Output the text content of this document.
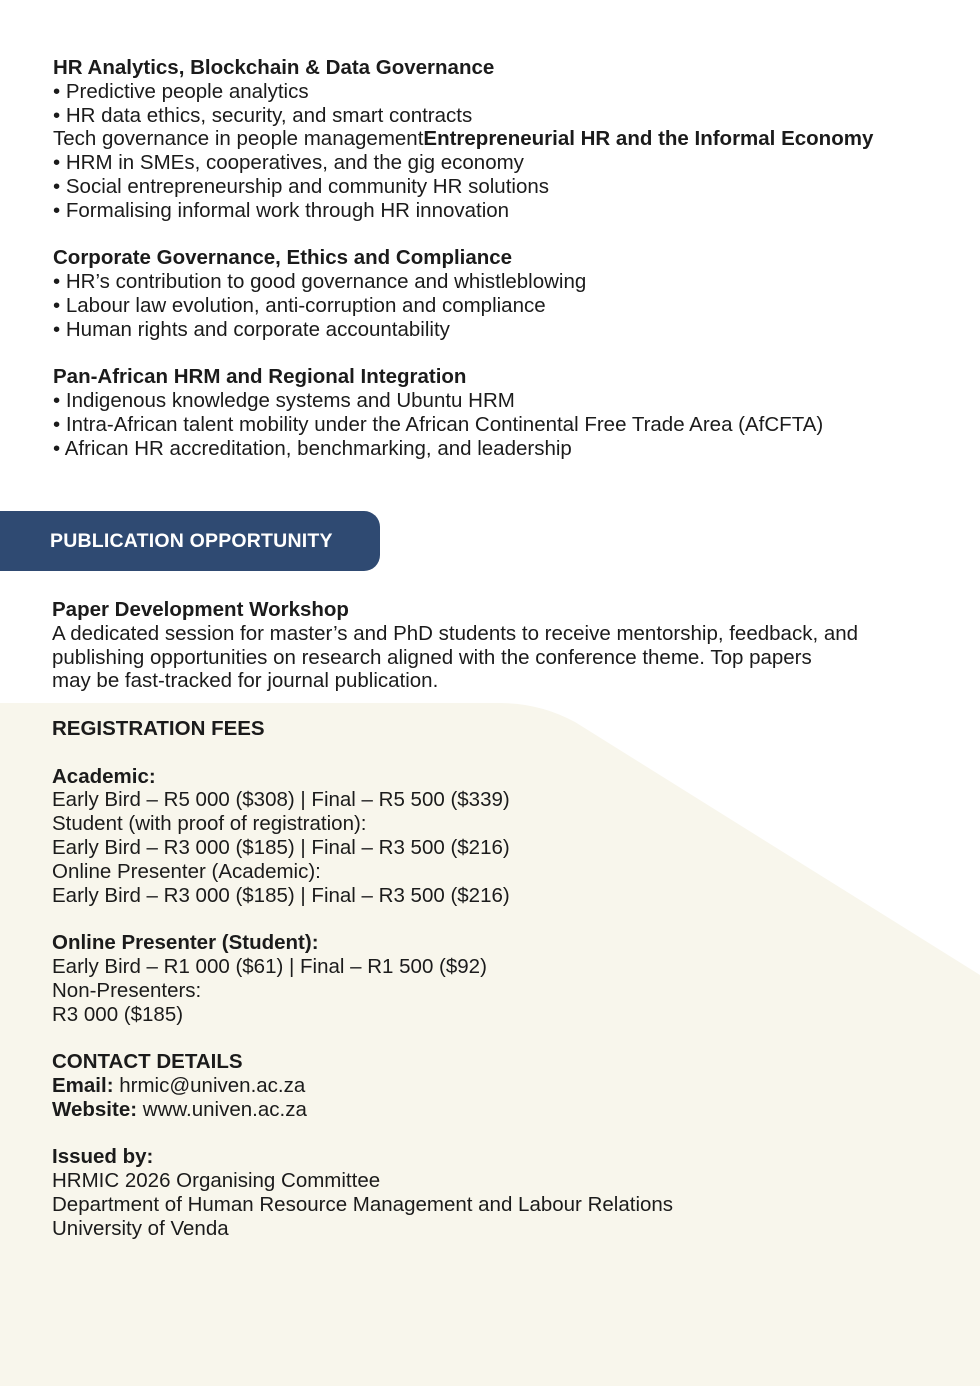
HR Analytics, Blockchain & Data Governance

• Predictive people analytics

• HR data ethics, security, and smart contracts

Tech governance in people managementEntrepreneurial HR and the Informal Economy

• HRM in SMEs, cooperatives, and the gig economy

• Social entrepreneurship and community HR solutions

• Formalising informal work through HR innovation

Corporate Governance, Ethics and Compliance

• HR’s contribution to good governance and whistleblowing

• Labour law evolution, anti-corruption and compliance

• Human rights and corporate accountability

Pan-African HRM and Regional Integration

• Indigenous knowledge systems and Ubuntu HRM

• Intra-African talent mobility under the African Continental Free Trade Area (AfCFTA)

• African HR accreditation, benchmarking, and leadership

PUBLICATION OPPORTUNITY

Paper Development Workshop

A dedicated session for master’s and PhD students to receive mentorship, feedback, and

publishing opportunities on research aligned with the conference theme. Top papers

may be fast-tracked for journal publication.

REGISTRATION FEES

Academic:

Early Bird – R5 000 ($308) | Final – R5 500 ($339)

Student (with proof of registration):

Early Bird – R3 000 ($185) | Final – R3 500 ($216)

Online Presenter (Academic):

Early Bird – R3 000 ($185) | Final – R3 500 ($216)

Online Presenter (Student):

Early Bird – R1 000 ($61) | Final – R1 500 ($92)

Non-Presenters:

R3 000 ($185)

CONTACT DETAILS

Email: hrmic@univen.ac.za

Website: www.univen.ac.za

Issued by:

HRMIC 2026 Organising Committee

Department of Human Resource Management and Labour Relations

University of Venda
